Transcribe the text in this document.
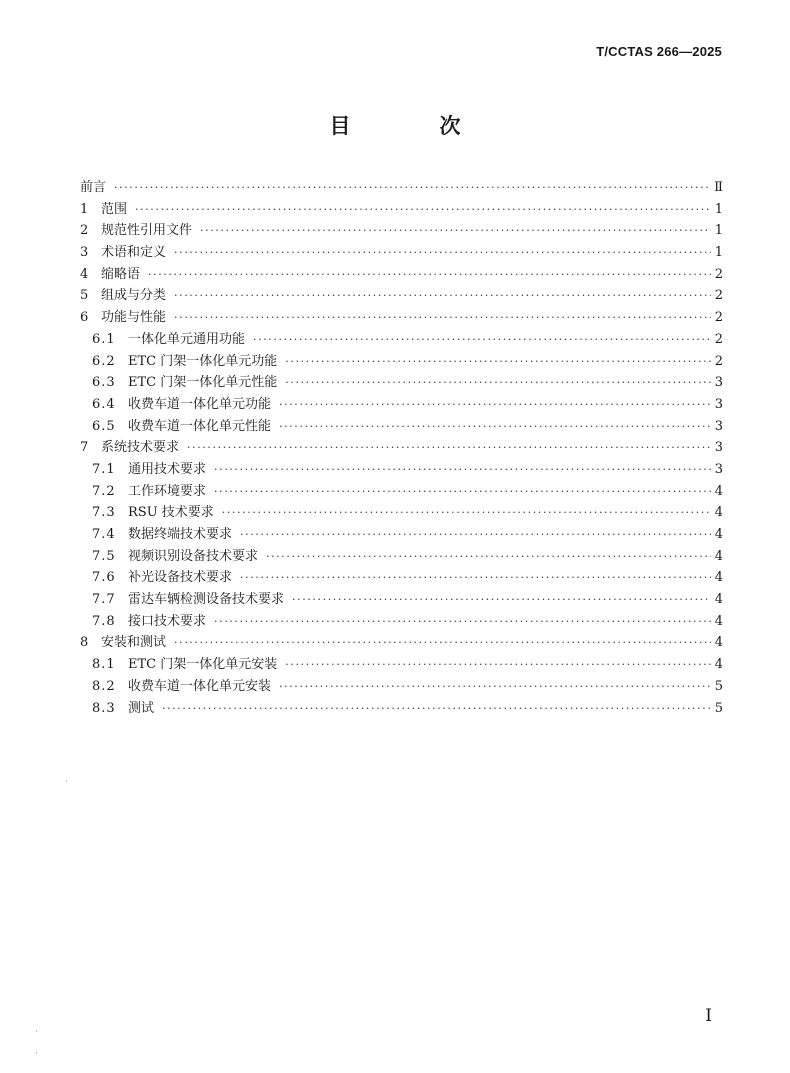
T/CCTAS 266—2025
目　次
前言 ·····	Ⅱ
1 范围 ·····	1
2 规范性引用文件 ·····	1
3 术语和定义 ·····	1
4 缩略语 ·····	2
5 组成与分类 ·····	2
6 功能与性能 ·····	2
6.1 一体化单元通用功能 ·····	2
6.2 ETC 门架一体化单元功能 ·····	2
6.3 ETC 门架一体化单元性能 ·····	3
6.4 收费车道一体化单元功能 ·····	3
6.5 收费车道一体化单元性能 ·····	3
7 系统技术要求 ·····	3
7.1 通用技术要求 ·····	3
7.2 工作环境要求 ·····	4
7.3 RSU 技术要求 ·····	4
7.4 数据终端技术要求 ·····	4
7.5 视频识别设备技术要求 ·····	4
7.6 补光设备技术要求 ·····	4
7.7 雷达车辆检测设备技术要求 ·····	4
7.8 接口技术要求 ·····	4
8 安装和测试 ·····	4
8.1 ETC 门架一体化单元安装 ·····	4
8.2 收费车道一体化单元安装 ·····	5
8.3 测试 ·····	5
I
